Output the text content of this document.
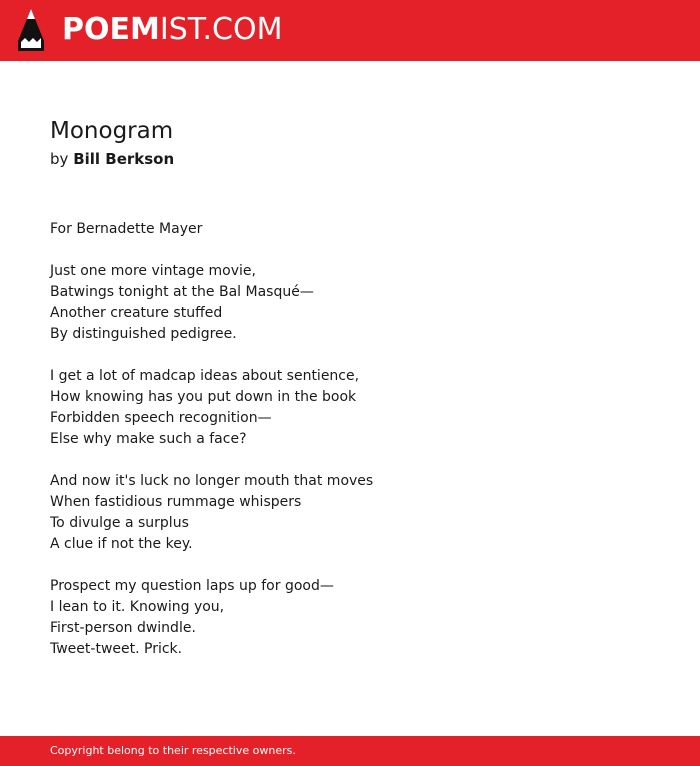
POEMIST.COM
Monogram
by Bill Berkson
For Bernadette Mayer
Just one more vintage movie,
Batwings tonight at the Bal Masqué—
Another creature stuffed
By distinguished pedigree.
I get a lot of madcap ideas about sentience,
How knowing has you put down in the book
Forbidden speech recognition—
Else why make such a face?
And now it's luck no longer mouth that moves
When fastidious rummage whispers
To divulge a surplus
A clue if not the key.
Prospect my question laps up for good—
I lean to it. Knowing you,
First-person dwindle.
Tweet-tweet. Prick.
Copyright belong to their respective owners.
